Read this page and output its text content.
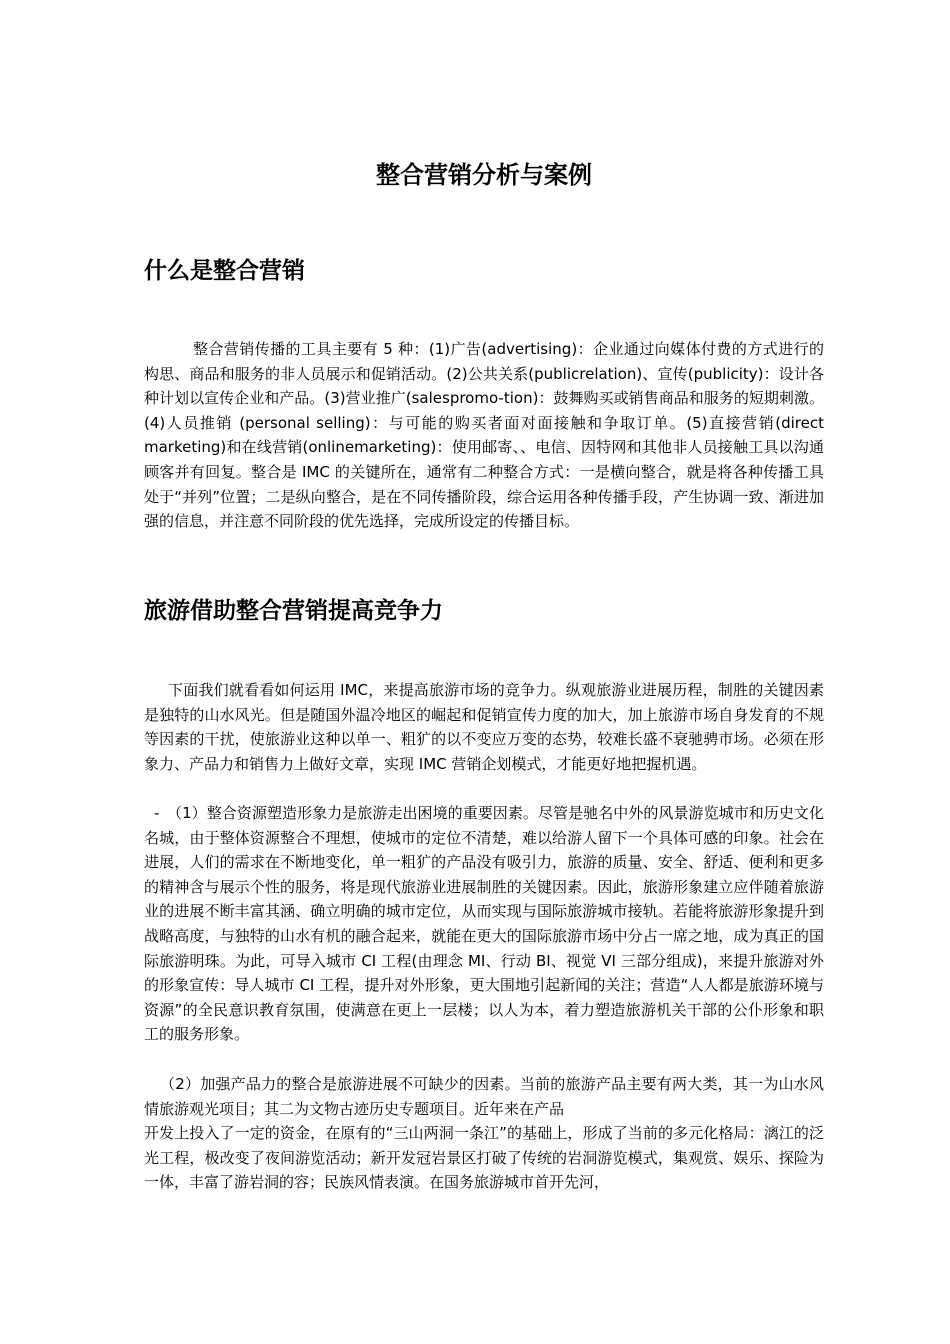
整合营销分析与案例
什么是整合营销

整合营销传播的工具主要有 5 种：(1)广告(advertising)：企业通过向媒体付费的方式进行的构思、商品和服务的非人员展示和促销活动。(2)公共关系(publicrelation)、宣传(publicity)：设计各种计划以宣传企业和产品。(3)营业推广(salespromo-tion)：鼓舞购买或销售商品和服务的短期刺激。(4)人员推销 (personal selling)：与可能的购买者面对面接触和争取订单。(5)直接营销(direct marketing)和在线营销(onlinemarketing)：使用邮寄、、电信、因特网和其他非人员接触工具以沟通顾客并有回复。整合是 IMC 的关键所在，通常有二种整合方式：一是横向整合，就是将各种传播工具处于“并列”位置；二是纵向整合，是在不同传播阶段，综合运用各种传播手段，产生协调一致、渐进加强的信息，并注意不同阶段的优先选择，完成所设定的传播目标。

旅游借助整合营销提高竞争力

下面我们就看看如何运用 IMC，来提高旅游市场的竞争力。纵观旅游业进展历程，制胜的关键因素是独特的山水风光。但是随国外温冷地区的崛起和促销宣传力度的加大，加上旅游市场自身发育的不规等因素的干扰，使旅游业这种以单一、粗犷的以不变应万变的态势，较难长盛不衰驰骋市场。必须在形象力、产品力和销售力上做好文章，实现 IMC 营销企划模式，才能更好地把握机遇。

-　（1）整合资源塑造形象力是旅游走出困境的重要因素。尽管是驰名中外的风景游览城市和历史文化名城，由于整体资源整合不理想，使城市的定位不清楚，难以给游人留下一个具体可感的印象。社会在进展，人们的需求在不断地变化，单一粗犷的产品没有吸引力，旅游的质量、安全、舒适、便利和更多的精神含与展示个性的服务，将是现代旅游业进展制胜的关键因素。因此，旅游形象建立应伴随着旅游业的进展不断丰富其涵、确立明确的城市定位，从而实现与国际旅游城市接轨。若能将旅游形象提升到战略高度，与独特的山水有机的融合起来，就能在更大的国际旅游市场中分占一席之地，成为真正的国际旅游明珠。为此，可导入城市 CI 工程(由理念 MI、行动 BI、视觉 VI 三部分组成)，来提升旅游对外的形象宣传：导人城市 CI 工程，提升对外形象，更大围地引起新闻的关注；营造“人人都是旅游环境与资源”的全民意识教育氛围，使满意在更上一层楼；以人为本，着力塑造旅游机关干部的公仆形象和职工的服务形象。

（2）加强产品力的整合是旅游进展不可缺少的因素。当前的旅游产品主要有两大类，其一为山水风情旅游观光项目；其二为文物古迹历史专题项目。近年来在产品

开发上投入了一定的资金，在原有的“三山两洞一条江”的基础上，形成了当前的多元化格局：漓江的泛光工程，极改变了夜间游览活动；新开发冠岩景区打破了传统的岩洞游览模式，集观赏、娱乐、探险为一体，丰富了游岩洞的容；民族风情表演。在国务旅游城市首开先河，
